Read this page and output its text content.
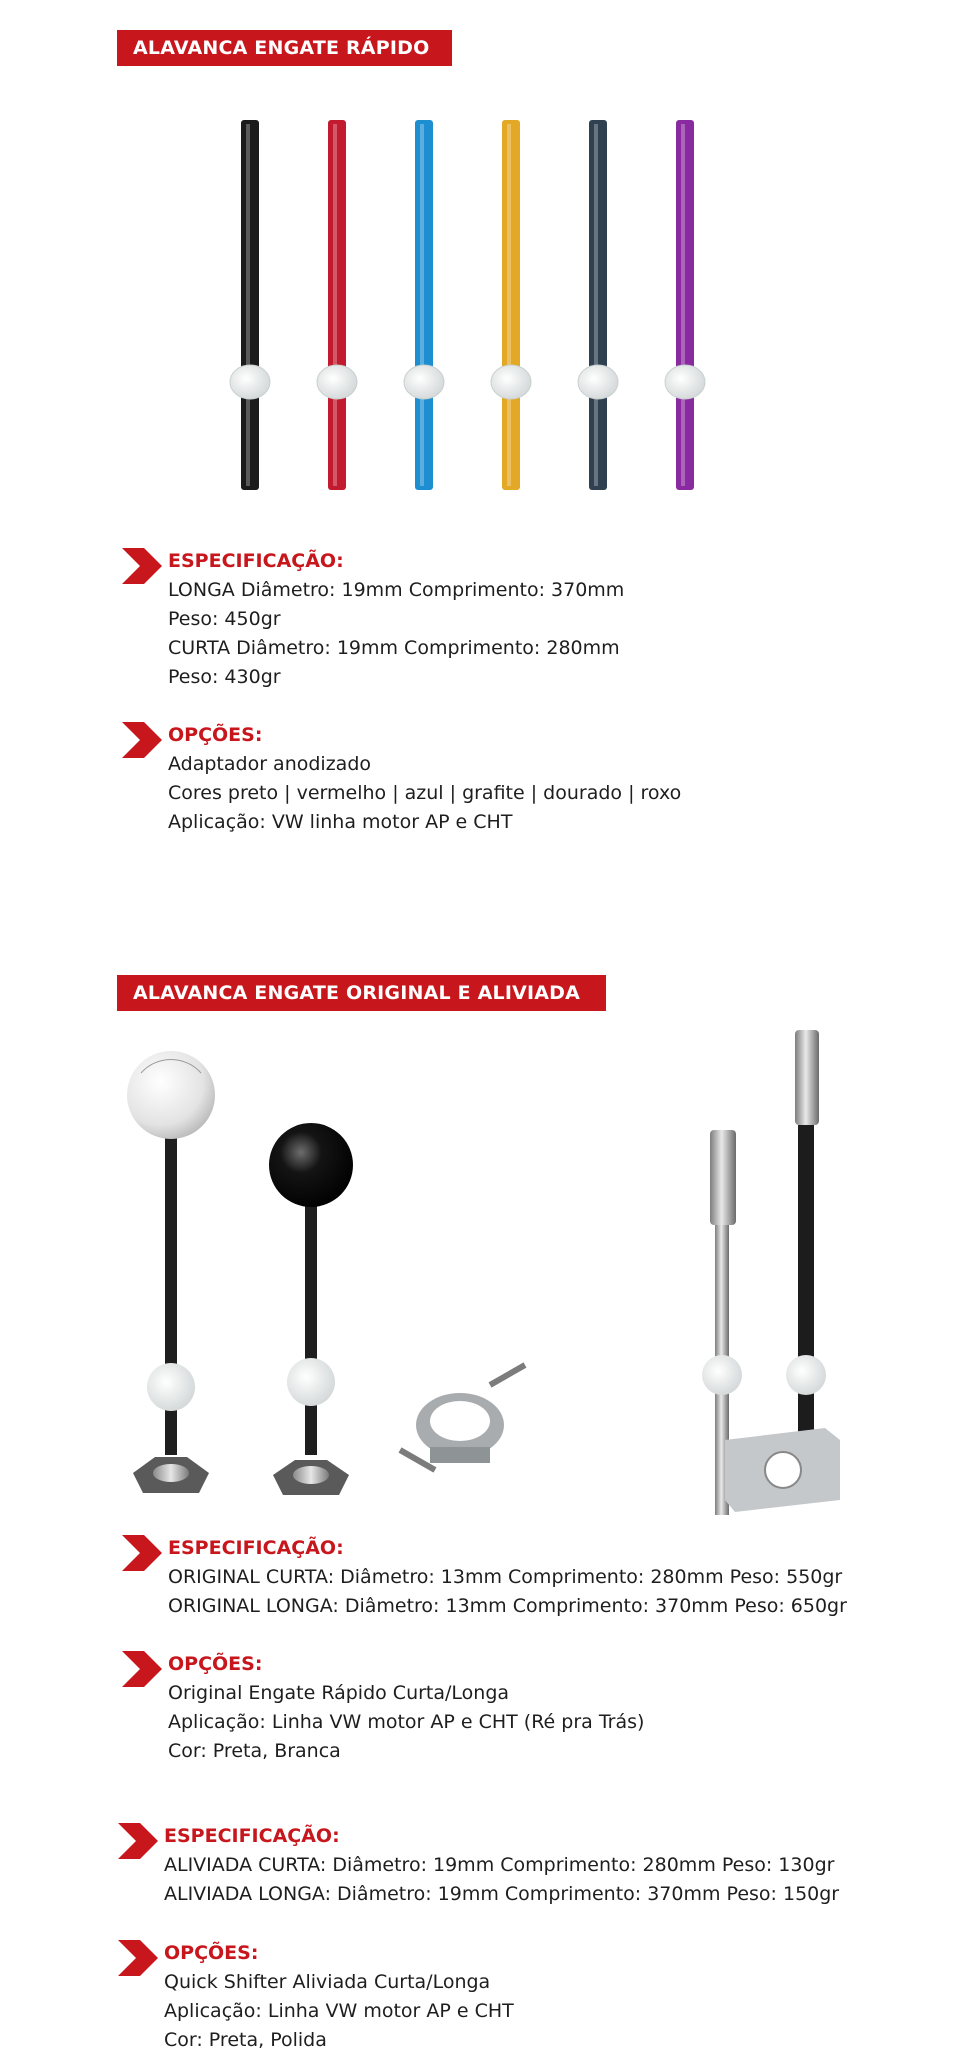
ALAVANCA ENGATE RÁPIDO
ESPECIFICAÇÃO:
LONGA Diâmetro: 19mm Comprimento: 370mm
Peso: 450gr
CURTA Diâmetro: 19mm Comprimento: 280mm
Peso: 430gr
OPÇÕES:
Adaptador anodizado
Cores preto | vermelho | azul | grafite | dourado | roxo
Aplicação: VW linha motor AP e CHT
ALAVANCA ENGATE ORIGINAL E ALIVIADA
ESPECIFICAÇÃO:
ORIGINAL CURTA: Diâmetro: 13mm Comprimento: 280mm Peso: 550gr
ORIGINAL LONGA: Diâmetro: 13mm Comprimento: 370mm Peso: 650gr
OPÇÕES:
Original Engate Rápido Curta/Longa
Aplicação: Linha VW motor AP e CHT (Ré pra Trás)
Cor: Preta, Branca
ESPECIFICAÇÃO:
ALIVIADA CURTA: Diâmetro: 19mm Comprimento: 280mm Peso: 130gr
ALIVIADA LONGA: Diâmetro: 19mm Comprimento: 370mm Peso: 150gr
OPÇÕES:
Quick Shifter Aliviada Curta/Longa
Aplicação: Linha VW motor AP e CHT
Cor: Preta, Polida
